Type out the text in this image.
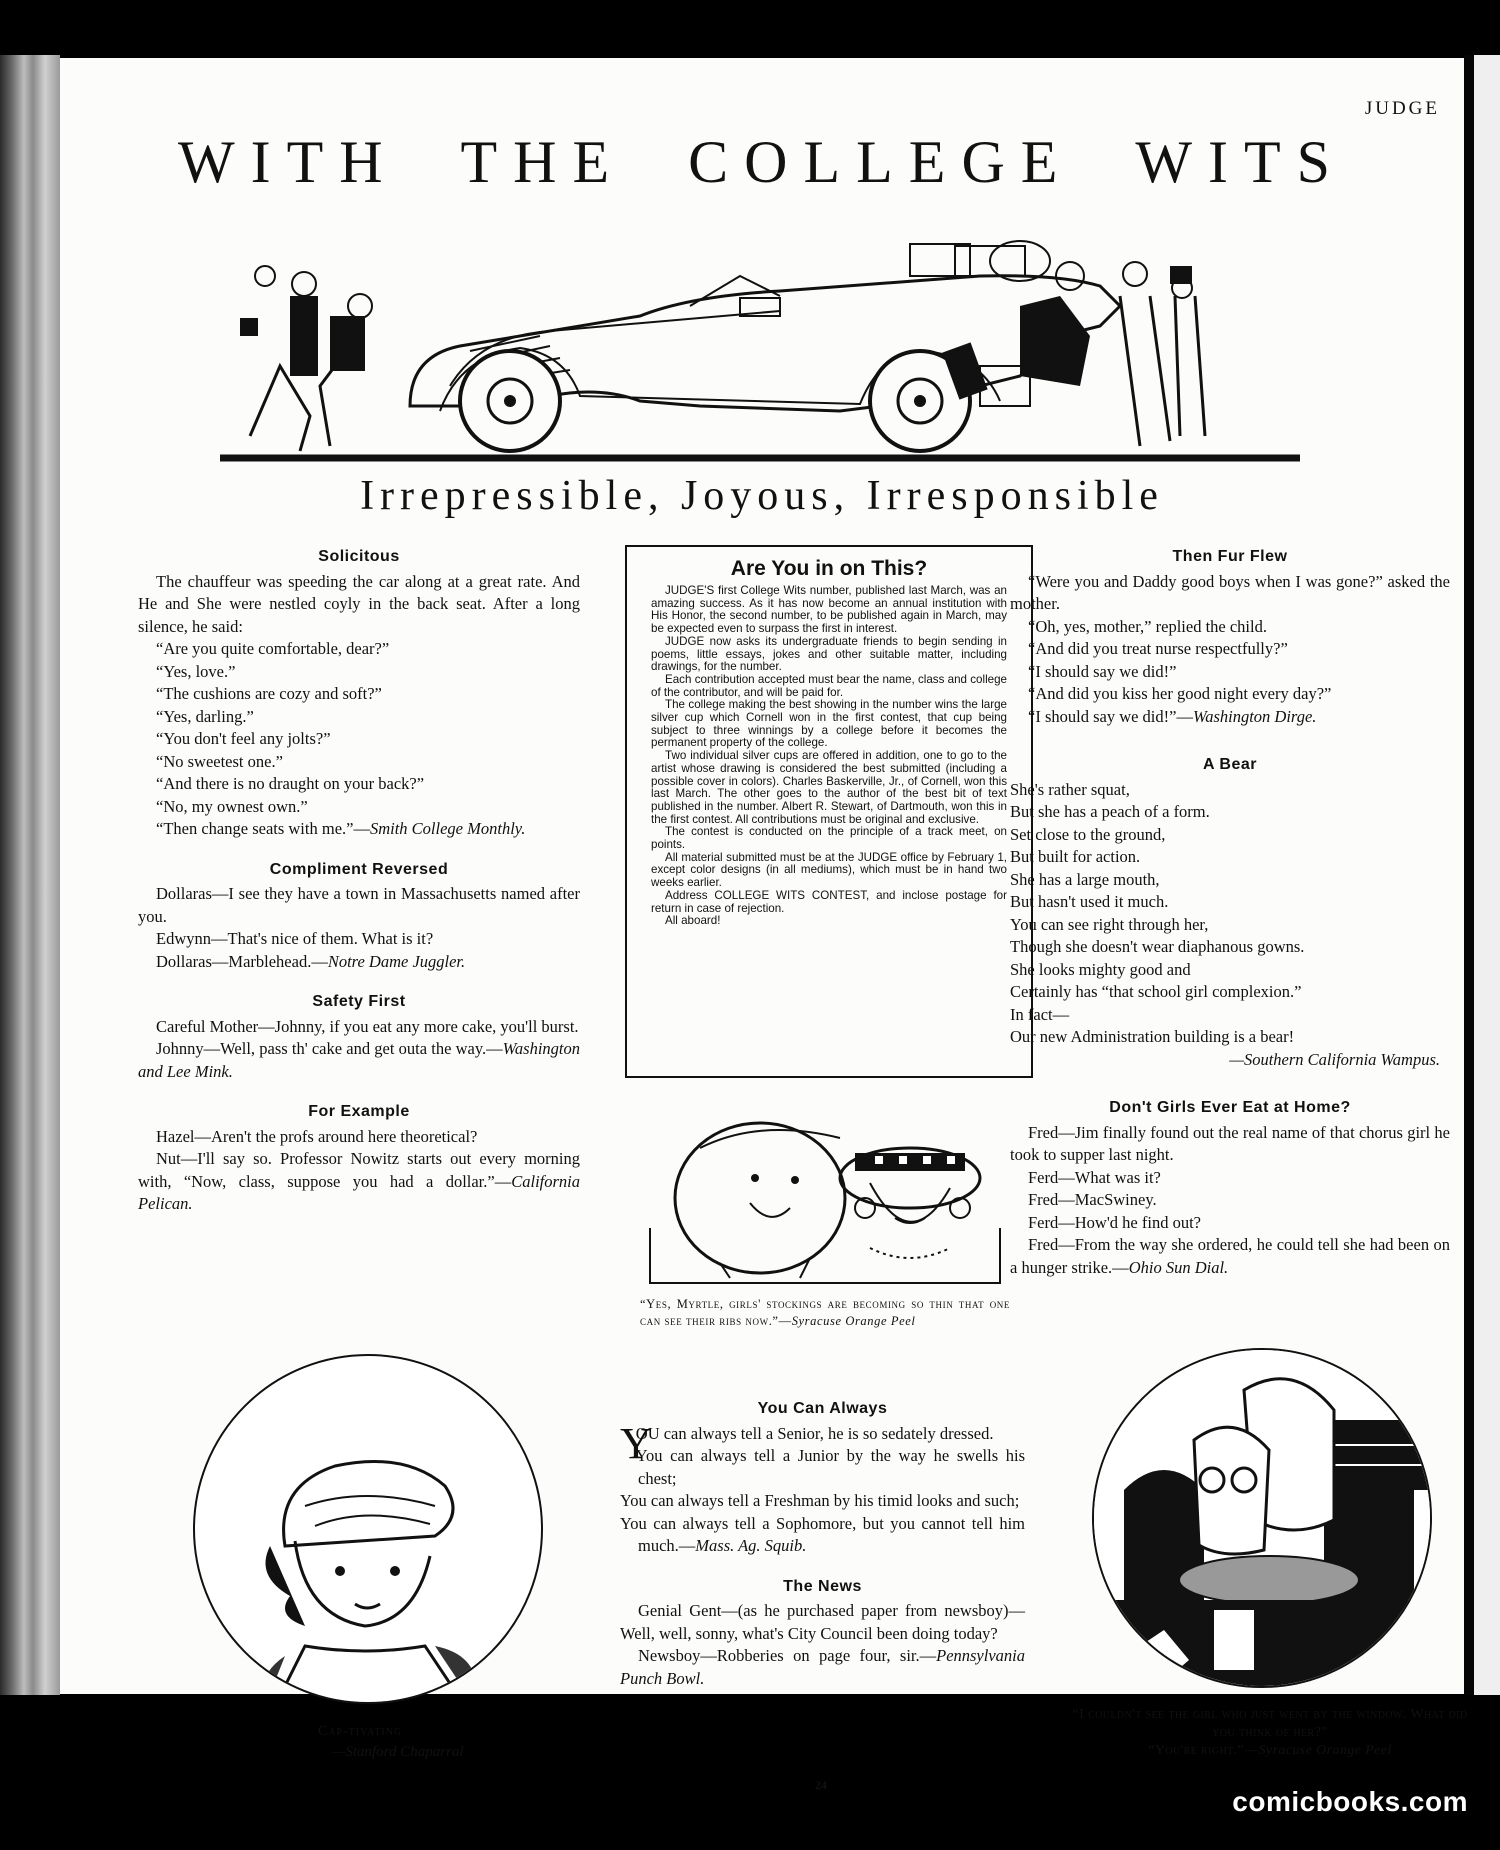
JUDGE
WITH THE COLLEGE WITS
Irrepressible, Joyous, Irresponsible
Solicitous
The chauffeur was speeding the car along at a great rate. And He and She were nestled coyly in the back seat. After a long silence, he said:
“Are you quite comfortable, dear?”
“Yes, love.”
“The cushions are cozy and soft?”
“Yes, darling.”
“You don't feel any jolts?”
“No sweetest one.”
“And there is no draught on your back?”
“No, my ownest own.”
“Then change seats with me.”—Smith College Monthly.
Compliment Reversed
Dollaras—I see they have a town in Massachusetts named after you.
Edwynn—That's nice of them. What is it?
Dollaras—Marblehead.—Notre Dame Juggler.
Safety First
Careful Mother—Johnny, if you eat any more cake, you'll burst.
Johnny—Well, pass th' cake and get outa the way.—Washington and Lee Mink.
For Example
Hazel—Aren't the profs around here theoretical?
Nut—I'll say so. Professor Nowitz starts out every morning with, “Now, class, suppose you had a dollar.”—California Pelican.
Are You in on This?
JUDGE'S first College Wits number, published last March, was an amazing success. As it has now become an annual institution with His Honor, the second number, to be published again in March, may be expected even to surpass the first in interest.
JUDGE now asks its undergraduate friends to begin sending in poems, little essays, jokes and other suitable matter, including drawings, for the number.
Each contribution accepted must bear the name, class and college of the contributor, and will be paid for.
The college making the best showing in the number wins the large silver cup which Cornell won in the first contest, that cup being subject to three winnings by a college before it becomes the permanent property of the college.
Two individual silver cups are offered in addition, one to go to the artist whose drawing is considered the best submitted (including a possible cover in colors). Charles Baskerville, Jr., of Cornell, won this last March. The other goes to the author of the best bit of text published in the number. Albert R. Stewart, of Dartmouth, won this in the first contest. All contributions must be original and exclusive.
The contest is conducted on the principle of a track meet, on points.
All material submitted must be at the JUDGE office by February 1, except color designs (in all mediums), which must be in hand two weeks earlier.
Address COLLEGE WITS CONTEST, and inclose postage for return in case of rejection.
All aboard!
“Yes, Myrtle, girls' stockings are becoming so thin that one can see their ribs now.”—Syracuse Orange Peel
You Can Always
Y
OU can always tell a Senior, he is so sedately dressed.
You can always tell a Junior by the way he swells his chest;
You can always tell a Freshman by his timid looks and such;
You can always tell a Sophomore, but you cannot tell him much.—Mass. Ag. Squib.
The News
Genial Gent—(as he purchased paper from newsboy)—Well, well, sonny, what's City Council been doing today?
Newsboy—Robberies on page four, sir.—Pennsylvania Punch Bowl.
Then Fur Flew
“Were you and Daddy good boys when I was gone?” asked the mother.
“Oh, yes, mother,” replied the child.
“And did you treat nurse respectfully?”
“I should say we did!”
“And did you kiss her good night every day?”
“I should say we did!”—Washington Dirge.
A Bear
She's rather squat,
But she has a peach of a form.
Set close to the ground,
But built for action.
She has a large mouth,
But hasn't used it much.
You can see right through her,
Though she doesn't wear diaphanous gowns.
She looks mighty good and
Certainly has “that school girl complexion.”
In fact—
Our new Administration building is a bear!
—Southern California Wampus.
Don't Girls Ever Eat at Home?
Fred—Jim finally found out the real name of that chorus girl he took to supper last night.
Ferd—What was it?
Fred—MacSwiney.
Ferd—How'd he find out?
Fred—From the way she ordered, he could tell she had been on a hunger strike.—Ohio Sun Dial.
Cap-tivating
—Stanford Chaparral
“I couldn't see the girl who just went by the window. What did you think of her?”
“You're right.”—Syracuse Orange Peel
24
comicbooks.com
